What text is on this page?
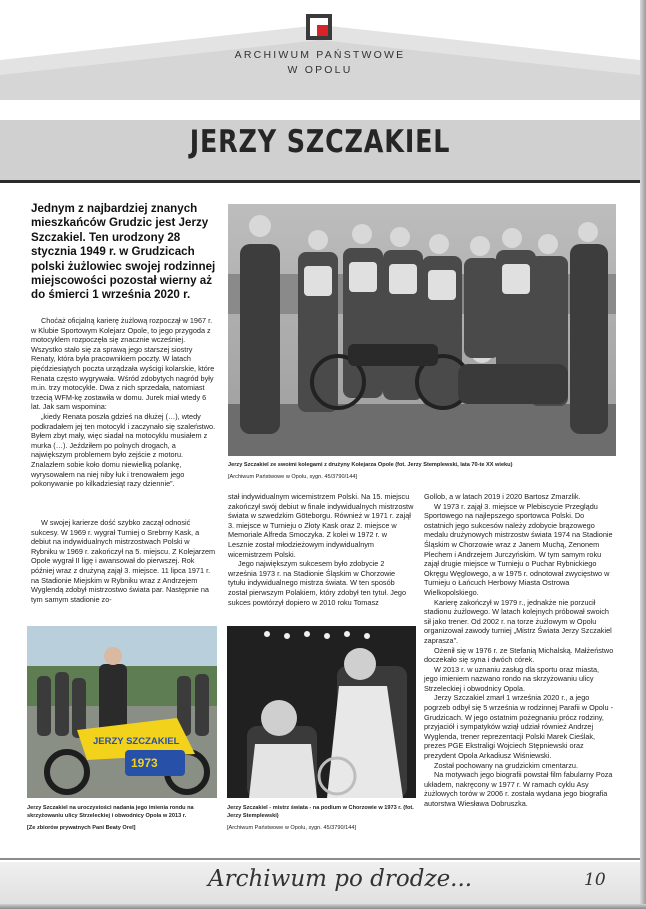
ARCHIWUM PAŃSTWOWE
W OPOLU
JERZY SZCZAKIEL
Jednym z najbardziej znanych mieszkańców Grudzic jest Jerzy Szczakiel. Ten urodzony 28 stycznia 1949 r. w Grudzicach polski żużlowiec swojej rodzinnej miejscowości pozostał wierny aż do śmierci 1 września 2020 r.
Jerzy Szczakiel ze swoimi kolegami z drużyny Kolejarza Opole (fot. Jerzy Stemplewski, lata 70-te XX wieku)
[Archiwum Państwowe w Opolu, sygn. 45/3790/144]

Choćaż oficjalną karierę żużlową rozpoczął w 1967 r. w Klubie Sportowym Kolejarz Opole, to jego przygoda z motocyklem rozpoczęła się znacznie wcześniej. Wszystko stało się za sprawą jego starszej siostry Renaty, która była pracownikiem poczty. W latach pięćdziesiątych poczta urządzała wyścigi kolarskie, które Renata często wygrywała. Wśród zdobytych nagród były m.in. trzy motocykle. Dwa z nich sprzedała, natomiast trzecią WFM-kę zostawiła w domu. Jurek miał wtedy 6 lat. Jak sam wspomina:

„kiedy Renata poszła gdzieś na dłużej (…), wtedy podkradałem jej ten motocykl i zaczynało się szaleństwo. Byłem zbyt mały, więc siadał na motocyklu musiałem z murka (…). Jeździłem po polnych drogach, a największym problemem było zejście z motoru. Znalazłem sobie koło domu niewielką polankę, wyrysowałem na niej niby łuk i trenowałem jego pokonywanie po kilkadziesiąt razy dziennie”.

W swojej karierze dość szybko zaczął odnosić sukcesy. W 1969 r. wygrał Turniej o Srebrny Kask, a debiut na indywidualnych mistrzostwach Polski w Rybniku w 1969 r. zakończył na 5. miejscu. Z Kolejarzem Opole wygrał II ligę i awansował do pierwszej. Rok później wraz z drużyną zajął 3. miejsce. 11 lipca 1971 r. na Stadionie Miejskim w Rybniku wraz z Andrzejem Wyglendą zdobył mistrzostwo świata par. Następnie na tym samym stadionie zo-

stał indywidualnym wicemistrzem Polski. Na 15. miejscu zakończył swój debiut w finale indywidualnych mistrzostw świata w szwedzkim Göteborgu. Również w 1971 r. zajął 3. miejsce w Turnieju o Złoty Kask oraz 2. miejsce w Memoriale Alfreda Smoczyka. Z kolei w 1972 r. w Lesznie został młodzieżowym indywidualnym wicemistrzem Polski.

Jego największym sukcesem było zdobycie 2 września 1973 r. na Stadionie Śląskim w Chorzowie tytułu indywidualnego mistrza świata. W ten sposób został pierwszym Polakiem, który zdobył ten tytuł. Jego sukces powtórzył dopiero w 2010 roku Tomasz

Gollob, a w latach 2019 i 2020 Bartosz Zmarzlik.

W 1973 r. zajął 3. miejsce w Plebiscycie Przeglądu Sportowego na najlepszego sportowca Polski. Do ostatnich jego sukcesów należy zdobycie brązowego medalu drużynowych mistrzostw świata 1974 na Stadionie Śląskim w Chorzowie wraz z Janem Muchą, Zenonem Plechem i Andrzejem Jurczyńskim. W tym samym roku zajął drugie miejsce w Turnieju o Puchar Rybnickiego Okręgu Węglowego, a w 1975 r. odnotował zwycięstwo w Turnieju o Łańcuch Herbowy Miasta Ostrowa Wielkopolskiego.

Karierę zakończył w 1979 r., jednakże nie porzucił stadionu żużlowego. W latach kolejnych próbował swoich sił jako trener. Od 2002 r. na torze żużlowym w Opolu organizował zawody turniej „Mistrz Świata Jerzy Szczakiel zaprasza”.

Ożenił się w 1976 r. ze Stefanią Michalską. Małżeństwo doczekało się syna i dwóch córek.

W 2013 r. w uznaniu zasług dla sportu oraz miasta, jego imieniem nazwano rondo na skrzyżowaniu ulicy Strzeleckiej i obwodnicy Opola.

Jerzy Szczakiel zmarł 1 września 2020 r., a jego pogrzeb odbył się 5 września w rodzinnej Parafii w Opolu - Grudzicach. W jego ostatnim pożegnaniu prócz rodziny, przyjaciół i sympatyków wziął udział również Andrzej Wyglenda, trener reprezentacji Polski Marek Cieślak, prezes PGE Ekstraligi Wojciech Stępniewski oraz prezydent Opola Arkadiusz Wiśniewski.

Został pochowany na grudzickim cmentarzu.

Na motywach jego biografii powstał film fabularny Poza układem, nakręcony w 1977 r. W ramach cyklu Asy żużlowych torów w 2006 r. została wydana jego biografia autorstwa Wiesława Dobruszka.

1973
JERZY SZCZAKIEL
Jerzy Szczakiel na uroczystości nadania jego imienia rondu na skrzyżowaniu ulicy Strzeleckiej i obwodnicy Opola w 2013 r.
[Ze zbiorów prywatnych Pani Beaty Orel]
Jerzy Szczakiel - mistrz świata - na podium w Chorzowie w 1973 r. (fot. Jerzy Stemplewski)
[Archiwum Państwowe w Opolu, sygn. 45/3790/144]
Archiwum po drodze...	10
